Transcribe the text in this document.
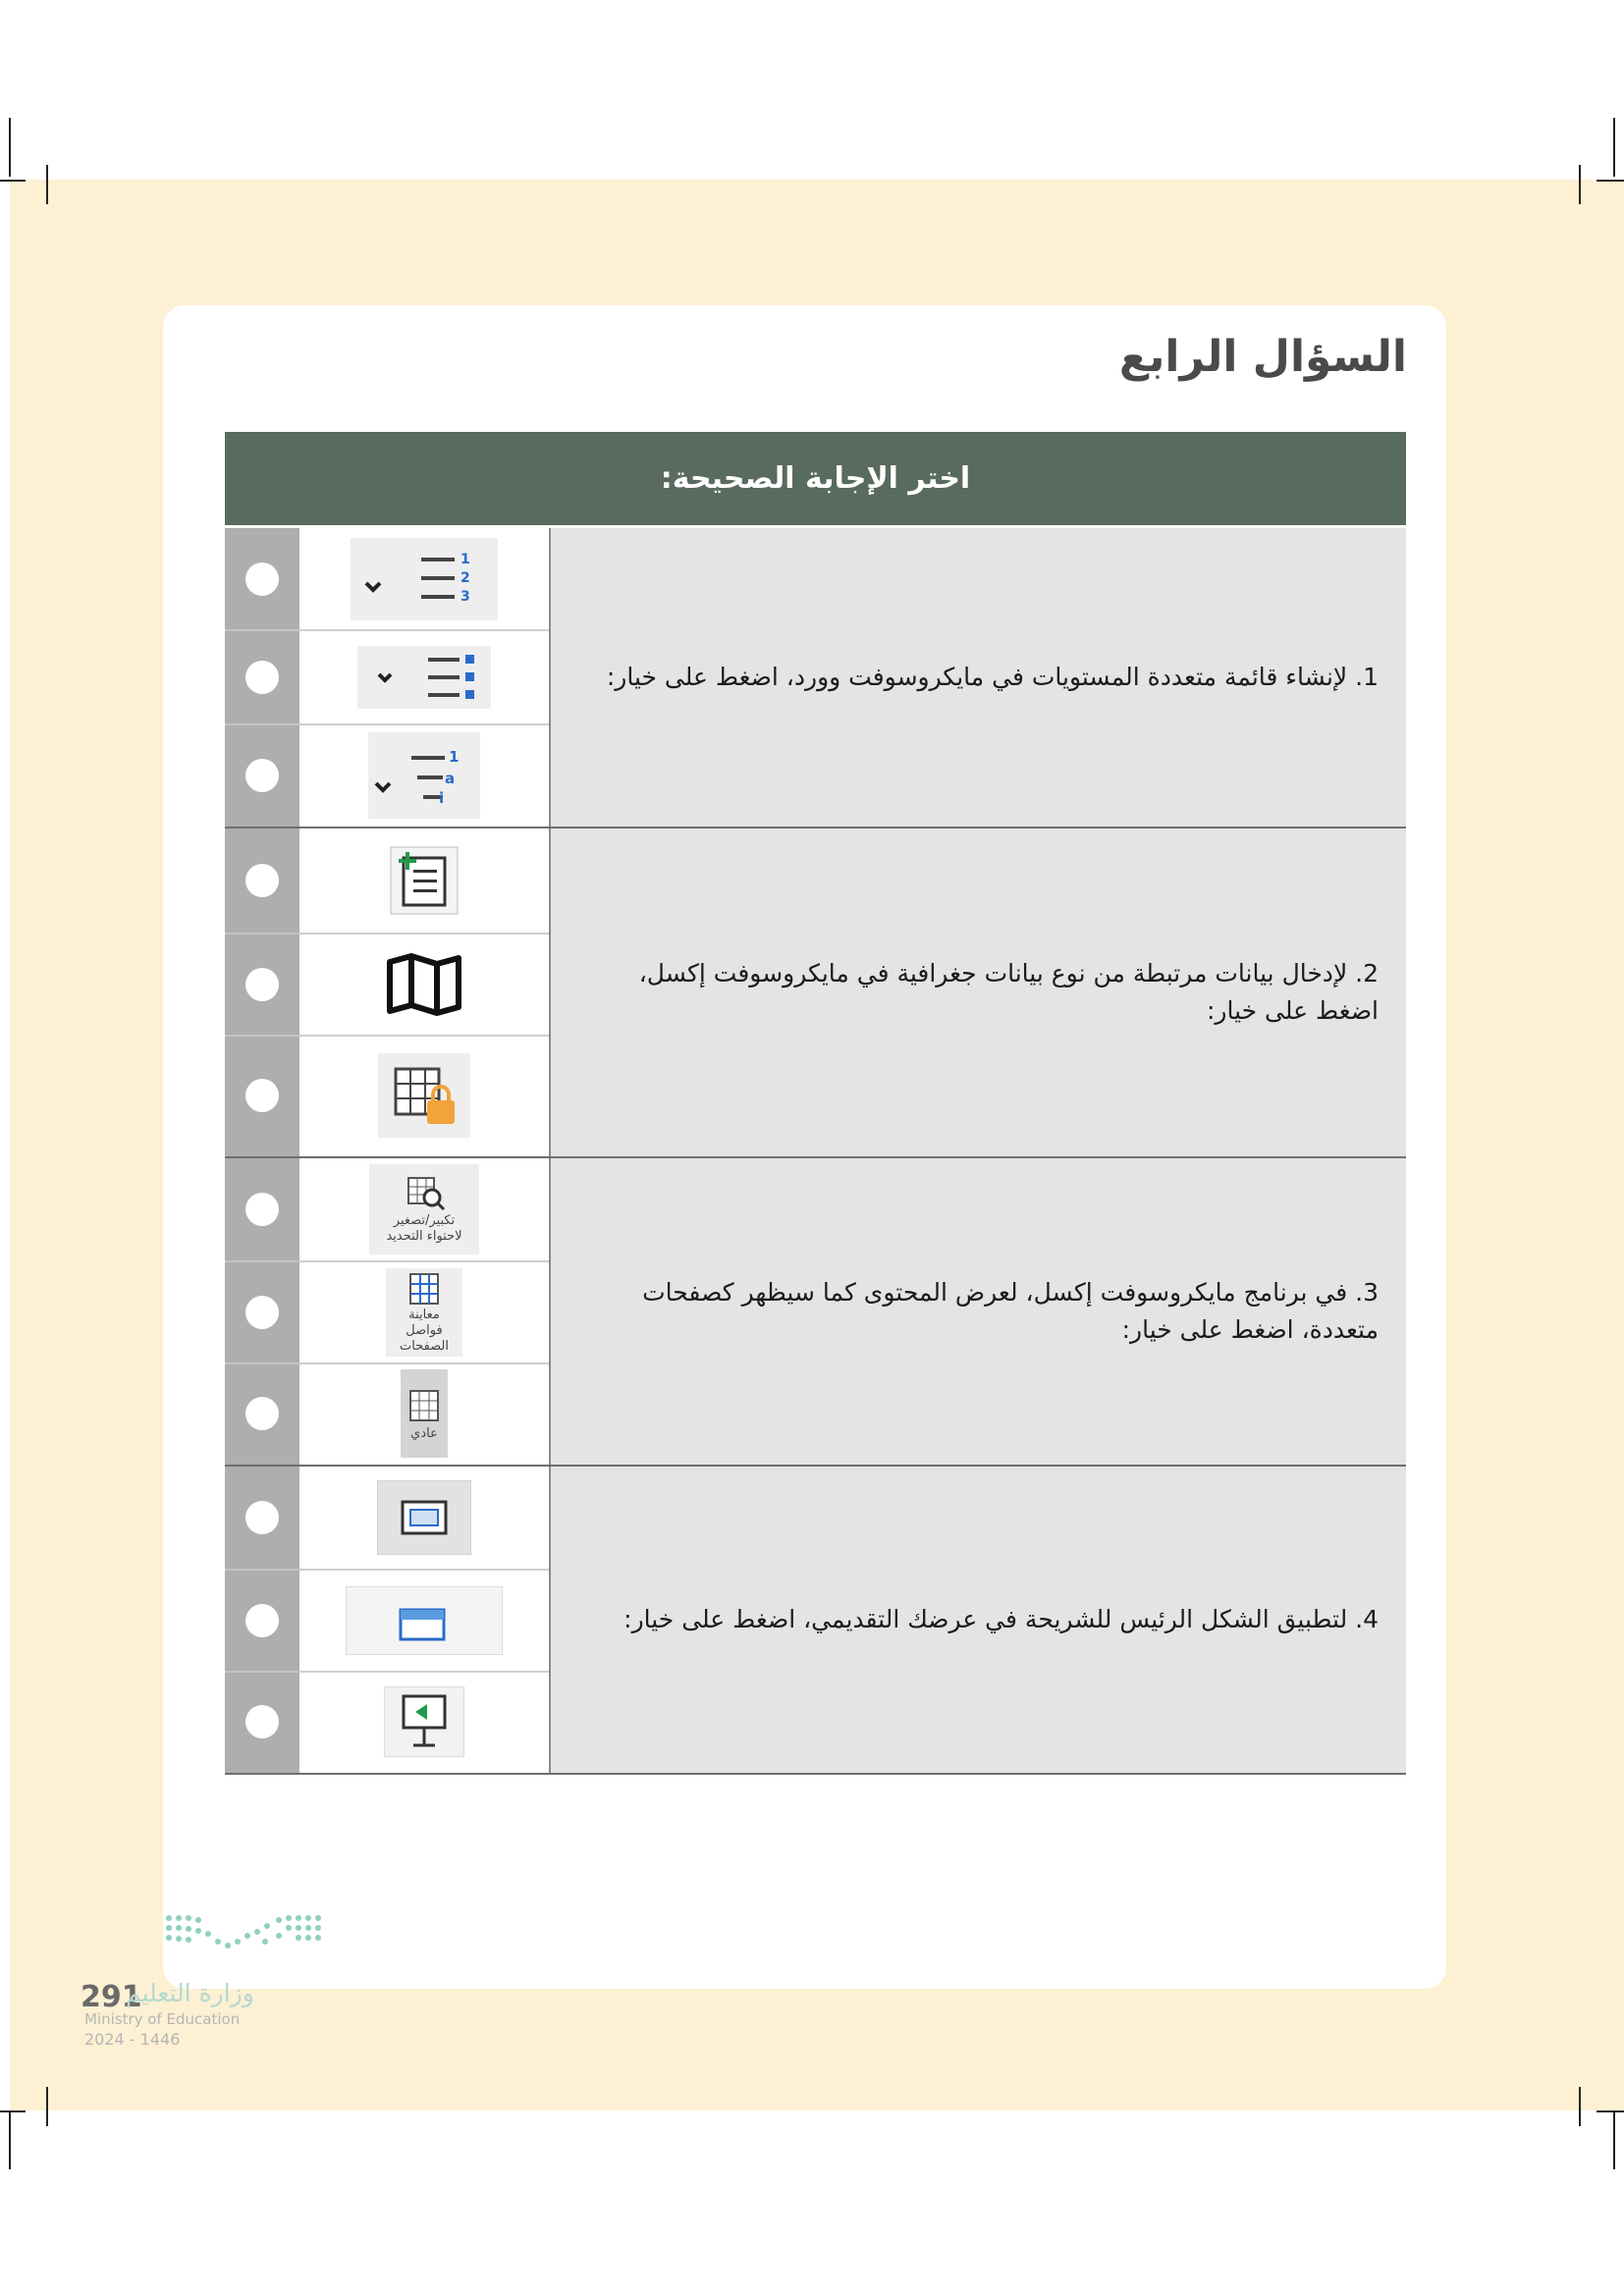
السؤال الرابع
اختر الإجابة الصحيحة:
1
2
3
1
a
i
1. لإنشاء قائمة متعددة المستويات في مايكروسوفت وورد، اضغط على خيار:
2. لإدخال بيانات مرتبطة من نوع بيانات جغرافية في مايكروسوفت إكسل، اضغط على خيار:
تكبير/تصغير لاحتواء التحديد
معاينة فواصل الصفحات
عادي
3. في برنامج مايكروسوفت إكسل، لعرض المحتوى كما سيظهر كصفحات متعددة، اضغط على خيار:
4. لتطبيق الشكل الرئيس للشريحة في عرضك التقديمي، اضغط على خيار:
291
وزارة التعليم
Ministry of Education
2024 - 1446
